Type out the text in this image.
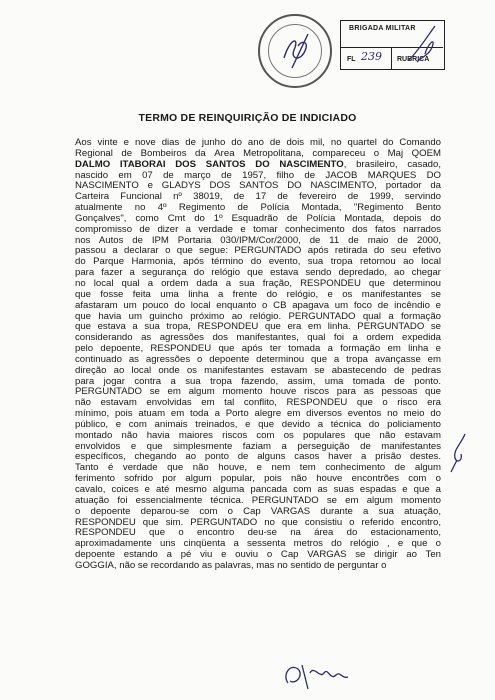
BRIGADA MILITAR
FL 239 RUBRICA
TERMO DE REINQUIRIÇÃO DE INDICIADO
Aos vinte e nove dias de junho do ano de dois mil, no quartel do Comando
Regional de Bombeiros da Área Metropolitana, compareceu o Maj QOEM
DALMO ITABORAÍ DOS SANTOS DO NASCIMENTO, brasileiro, casado,
nascido em 07 de março de 1957, filho de JACOB MARQUES DO
NASCIMENTO e GLADYS DOS SANTOS DO NASCIMENTO, portador da
Carteira Funcional nº 38019, de 17 de fevereiro de 1999, servindo
atualmente no 4º Regimento de Polícia Montada, "Regimento Bento
Gonçalves", como Cmt do 1º Esquadrão de Polícia Montada, depois do
compromisso de dizer a verdade e tomar conhecimento dos fatos narrados
nos Autos de IPM Portaria 030/IPM/Cor/2000, de 11 de maio de 2000,
passou a declarar o que segue: PERGUNTADO após retirada do seu efetivo
do Parque Harmonia, após término do evento, sua tropa retornou ao local
para fazer a segurança do relógio que estava sendo depredado, ao chegar
no local qual a ordem dada a sua fração, RESPONDEU que determinou
que fosse feita uma linha a frente do relógio, e os manifestantes se
afastaram um pouco do local enquanto o CB apagava um foco de incêndio e
que havia um guincho próximo ao relógio. PERGUNTADO qual a formação
que estava a sua tropa, RESPONDEU que era em linha. PERGUNTADO se
considerando as agressões dos manifestantes, qual foi a ordem expedida
pelo depoente, RESPONDEU que após ter tomada a formação em linha e
continuado as agressões o depoente determinou que a tropa avançasse em
direção ao local onde os manifestantes estavam se abastecendo de pedras
para jogar contra a sua tropa fazendo, assim, uma tomada de ponto.
PERGUNTADO se em algum momento houve riscos para as pessoas que
não estavam envolvidas em tal conflito, RESPONDEU que o risco era
mínimo, pois atuam em toda a Porto alegre em diversos eventos no meio do
público, e com animais treinados, e que devido a técnica do policiamento
montado não havia maiores riscos com os populares que não estavam
envolvidos e que simplesmente faziam a perseguição de manifestantes
específicos, chegando ao ponto de alguns casos haver a prisão destes.
Tanto é verdade que não houve, e nem tem conhecimento de algum
ferimento sofrido por algum popular, pois não houve encontrões com o
cavalo, coices e até mesmo alguma pancada com as suas espadas e que a
atuação foi essencialmente técnica. PERGUNTADO se em algum momento
o depoente deparou-se com o Cap VARGAS durante a sua atuação,
RESPONDEU que sim. PERGUNTADO no que consistiu o referido encontro,
RESPONDEU que o encontro deu-se na área do estacionamento,
aproximadamente uns cinqüenta a sessenta metros do relógio , e que o
depoente estando a pé viu e ouviu o Cap VARGAS se dirigir ao Ten
GOGGIA, não se recordando as palavras, mas no sentido de perguntar o
